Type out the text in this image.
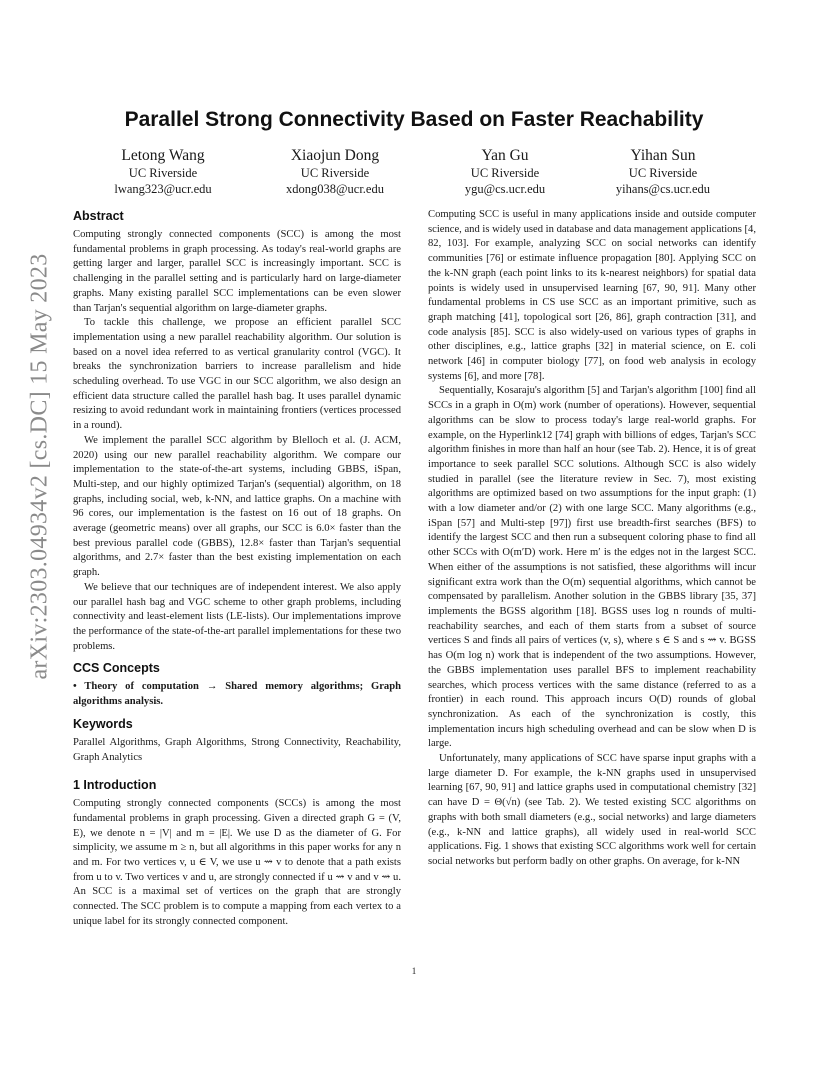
arXiv:2303.04934v2 [cs.DC] 15 May 2023
Parallel Strong Connectivity Based on Faster Reachability
Letong Wang
UC Riverside
lwang323@ucr.edu
Xiaojun Dong
UC Riverside
xdong038@ucr.edu
Yan Gu
UC Riverside
ygu@cs.ucr.edu
Yihan Sun
UC Riverside
yihans@cs.ucr.edu
Abstract

Computing strongly connected components (SCC) is among the most fundamental problems in graph processing. As today's real-world graphs are getting larger and larger, parallel SCC is increasingly important. SCC is challenging in the parallel setting and is particularly hard on large-diameter graphs. Many existing parallel SCC implementations can be even slower than Tarjan's sequential algorithm on large-diameter graphs.

To tackle this challenge, we propose an efficient parallel SCC implementation using a new parallel reachability algorithm. Our solution is based on a novel idea referred to as vertical granularity control (VGC). It breaks the synchronization barriers to increase parallelism and hide scheduling overhead. To use VGC in our SCC algorithm, we also design an efficient data structure called the parallel hash bag. It uses parallel dynamic resizing to avoid redundant work in maintaining frontiers (vertices processed in a round).

We implement the parallel SCC algorithm by Blelloch et al. (J. ACM, 2020) using our new parallel reachability algorithm. We compare our implementation to the state-of-the-art systems, including GBBS, iSpan, Multi-step, and our highly optimized Tarjan's (sequential) algorithm, on 18 graphs, including social, web, k-NN, and lattice graphs. On a machine with 96 cores, our implementation is the fastest on 16 out of 18 graphs. On average (geometric means) over all graphs, our SCC is 6.0× faster than the best previous parallel code (GBBS), 12.8× faster than Tarjan's sequential algorithms, and 2.7× faster than the best existing implementation on each graph.

We believe that our techniques are of independent interest. We also apply our parallel hash bag and VGC scheme to other graph problems, including connectivity and least-element lists (LE-lists). Our implementations improve the performance of the state-of-the-art parallel implementations for these two problems.

CCS Concepts

• Theory of computation → Shared memory algorithms; Graph algorithms analysis.

Keywords

Parallel Algorithms, Graph Algorithms, Strong Connectivity, Reachability, Graph Analytics

1 Introduction

Computing strongly connected components (SCCs) is among the most fundamental problems in graph processing. Given a directed graph G = (V, E), we denote n = |V| and m = |E|. We use D as the diameter of G. For simplicity, we assume m ≥ n, but all algorithms in this paper works for any n and m. For two vertices v, u ∈ V, we use u ⇝ v to denote that a path exists from u to v. Two vertices v and u, are strongly connected if u ⇝ v and v ⇝ u. An SCC is a maximal set of vertices on the graph that are strongly connected. The SCC problem is to compute a mapping from each vertex to a unique label for its strongly connected component.

Computing SCC is useful in many applications inside and outside computer science, and is widely used in database and data management applications [4, 82, 103]. For example, analyzing SCC on social networks can identify communities [76] or estimate influence propagation [80]. Applying SCC on the k-NN graph (each point links to its k-nearest neighbors) for spatial data points is widely used in unsupervised learning [67, 90, 91]. Many other fundamental problems in CS use SCC as an important primitive, such as graph matching [41], topological sort [26, 86], graph contraction [31], and code analysis [85]. SCC is also widely-used on various types of graphs in other disciplines, e.g., lattice graphs [32] in material science, on E. coli network [46] in computer biology [77], on food web analysis in ecology systems [6], and more [78].

Sequentially, Kosaraju's algorithm [5] and Tarjan's algorithm [100] find all SCCs in a graph in O(m) work (number of operations). However, sequential algorithms can be slow to process today's large real-world graphs. For example, on the Hyperlink12 [74] graph with billions of edges, Tarjan's SCC algorithm finishes in more than half an hour (see Tab. 2). Hence, it is of great importance to seek parallel SCC solutions. Although SCC is also widely studied in parallel (see the literature review in Sec. 7), most existing algorithms are optimized based on two assumptions for the input graph: (1) with a low diameter and/or (2) with one large SCC. Many algorithms (e.g., iSpan [57] and Multi-step [97]) first use breadth-first searches (BFS) to identify the largest SCC and then run a subsequent coloring phase to find all other SCCs with O(m′D) work. Here m′ is the edges not in the largest SCC. When either of the assumptions is not satisfied, these algorithms will incur significant extra work than the O(m) sequential algorithms, which cannot be compensated by parallelism. Another solution in the GBBS library [35, 37] implements the BGSS algorithm [18]. BGSS uses log n rounds of multi-reachability searches, and each of them starts from a subset of source vertices S and finds all pairs of vertices (v, s), where s ∈ S and s ⇝ v. BGSS has O(m log n) work that is independent of the two assumptions. However, the GBBS implementation uses parallel BFS to implement reachability searches, which process vertices with the same distance (referred to as a frontier) in each round. This approach incurs O(D) rounds of global synchronization. As each of the synchronization is costly, this implementation incurs high scheduling overhead and can be slow when D is large.

Unfortunately, many applications of SCC have sparse input graphs with a large diameter D. For example, the k-NN graphs used in unsupervised learning [67, 90, 91] and lattice graphs used in computational chemistry [32] can have D = Θ(√n) (see Tab. 2). We tested existing SCC algorithms on graphs with both small diameters (e.g., social networks) and large diameters (e.g., k-NN and lattice graphs), all widely used in real-world SCC applications. Fig. 1 shows that existing SCC algorithms work well for certain social networks but perform badly on other graphs. On average, for k-NN

1
